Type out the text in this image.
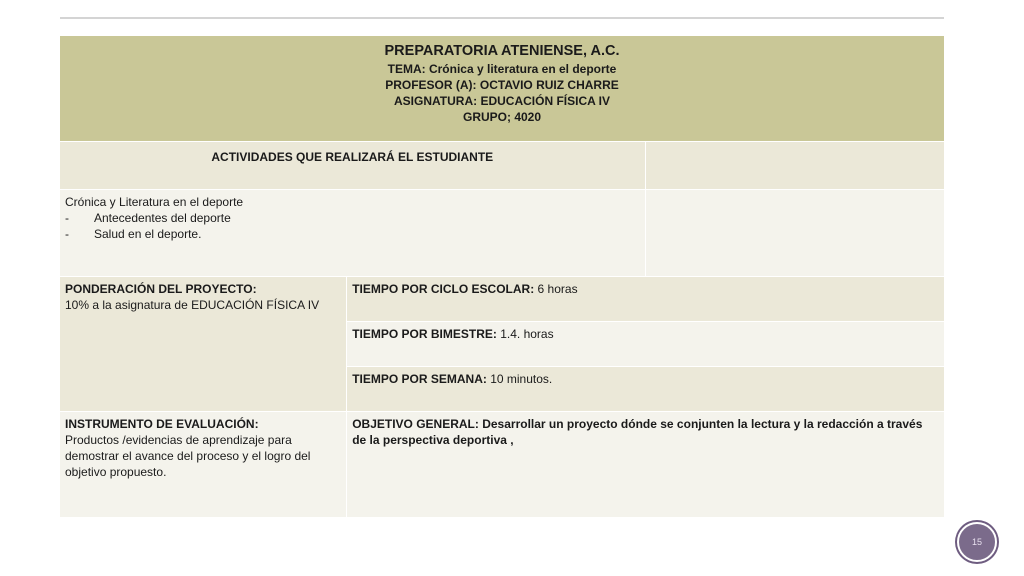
PREPARATORIA ATENIENSE, A.C.
TEMA: Crónica y literatura en el deporte
PROFESOR (A): OCTAVIO RUIZ CHARRE
ASIGNATURA: EDUCACIÓN FÍSICA IV
GRUPO; 4020		

ACTIVIDADES QUE REALIZARÁ EL ESTUDIANTE		

Crónica y Literatura en el deporte
- Antecedentes del deporte
- Salud en el deporte.		

PONDERACIÓN DEL PROYECTO:
10% a la asignatura de EDUCACIÓN FÍSICA IV	TIEMPO POR CICLO ESCOLAR: 6 horas	
	TIEMPO POR BIMESTRE: 1.4. horas	
	TIEMPO POR SEMANA: 10 minutos.	

INSTRUMENTO DE EVALUACIÓN:
Productos /evidencias de aprendizaje para demostrar el avance del proceso y el logro del objetivo propuesto.	OBJETIVO GENERAL: Desarrollar un proyecto dónde se conjunten la lectura y la redacción a través de la perspectiva deportiva ,	
15
